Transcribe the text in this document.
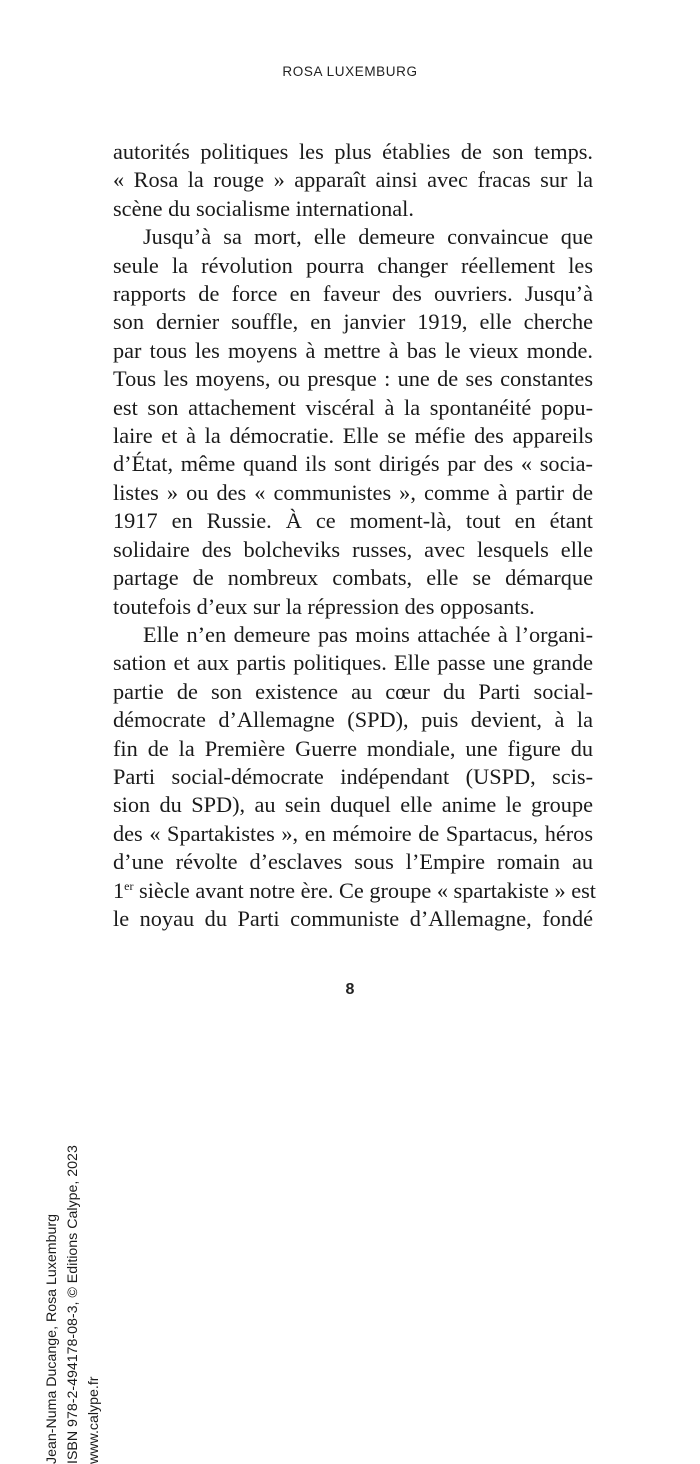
ROSA LUXEMBURG

autorités politiques les plus établies de son temps.
« Rosa la rouge » apparaît ainsi avec fracas sur la
scène du socialisme international.

Jusqu’à sa mort, elle demeure convaincue que
seule la révolution pourra changer réellement les
rapports de force en faveur des ouvriers. Jusqu’à
son dernier souffle, en janvier 1919, elle cherche
par tous les moyens à mettre à bas le vieux monde.
Tous les moyens, ou presque : une de ses constantes
est son attachement viscéral à la spontanéité popu-
laire et à la démocratie. Elle se méfie des appareils
d’État, même quand ils sont dirigés par des « socia-
listes » ou des « communistes », comme à partir de
1917 en Russie. À ce moment-là, tout en étant
solidaire des bolcheviks russes, avec lesquels elle
partage de nombreux combats, elle se démarque
toutefois d’eux sur la répression des opposants.

Elle n’en demeure pas moins attachée à l’organi-
sation et aux partis politiques. Elle passe une grande
partie de son existence au cœur du Parti social-
démocrate d’Allemagne (SPD), puis devient, à la
fin de la Première Guerre mondiale, une figure du
Parti social-démocrate indépendant (USPD, scis-
sion du SPD), au sein duquel elle anime le groupe
des « Spartakistes », en mémoire de Spartacus, héros
d’une révolte d’esclaves sous l’Empire romain au
1er siècle avant notre ère. Ce groupe « spartakiste » est
le noyau du Parti communiste d’Allemagne, fondé

8
Jean-Numa Ducange, Rosa Luxemburg ISBN 978-2-494178-08-3, © Editions Calype, 2023 www.calype.fr
